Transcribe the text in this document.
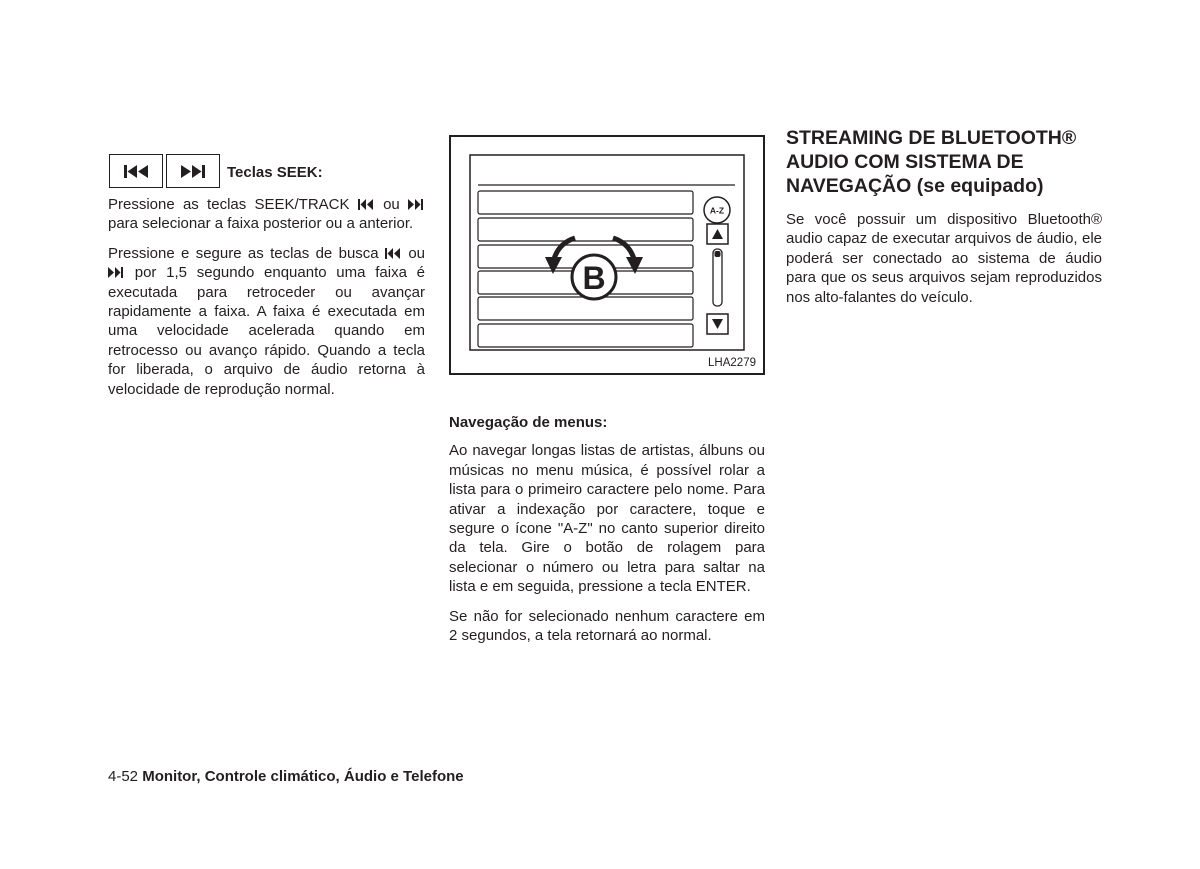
Teclas SEEK:

Pressione as teclas SEEK/TRACK ou  para selecionar a faixa posterior ou a anterior.

Pressione e segure as teclas de busca ou  por 1,5 segundo enquanto uma faixa é executada para retroceder ou avançar rapidamente a faixa. A faixa é executada em uma velocidade acelerada quando em retrocesso ou avanço rápido. Quando a tecla for liberada, o arquivo de áudio retorna à velocidade de reprodução normal.

A-Z
B
LHA2279

Navegação de menus:

Ao navegar longas listas de artistas, álbuns ou músicas no menu música, é possível rolar a lista para o primeiro caractere pelo nome. Para ativar a indexação por caractere, toque e segure o ícone "A-Z" no canto superior direito da tela. Gire o botão de rolagem para selecionar o número ou letra para saltar na lista e em seguida, pressione a tecla ENTER.

Se não for selecionado nenhum caractere em 2 segundos, a tela retornará ao normal.

STREAMING DE BLUETOOTH® AUDIO COM SISTEMA DE NAVEGAÇÃO (se equipado)

Se você possuir um dispositivo Bluetooth® audio capaz de executar arquivos de áudio, ele poderá ser conectado ao sistema de áudio para que os seus arquivos sejam reproduzidos nos alto-falantes do veículo.

4-52 Monitor, Controle climático, Áudio e Telefone
